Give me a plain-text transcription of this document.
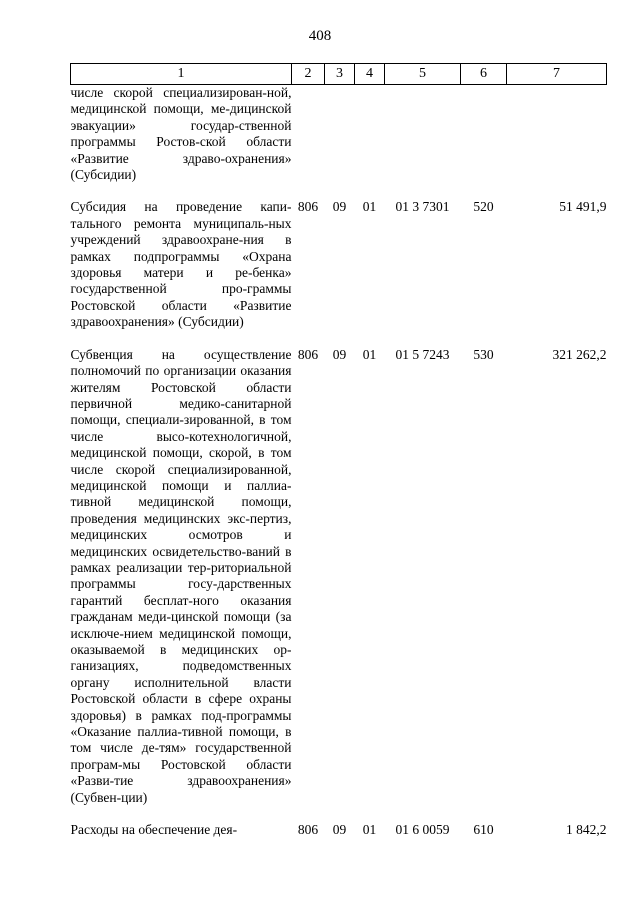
408
1	2	3	4	5	6	7
числе скорой специализирован-ной, медицинской помощи, ме-дицинской эвакуации» государ-ственной программы Ростов-ской области «Развитие здраво-охранения» (Субсидии)						
Субсидия на проведение капи-тального ремонта муниципаль-ных учреждений здравоохране-ния в рамках подпрограммы «Охрана здоровья матери и ре-бенка» государственной про-граммы Ростовской области «Развитие здравоохранения» (Субсидии)	806	09	01	01 3 7301	520	51 491,9
Субвенция на осуществление полномочий по организации оказания жителям Ростовской области первичной медико-санитарной помощи, специали-зированной, в том числе высо-котехнологичной, медицинской помощи, скорой, в том числе скорой специализированной, медицинской помощи и паллиа-тивной медицинской помощи, проведения медицинских экс-пертиз, медицинских осмотров и медицинских освидетельство-ваний в рамках реализации тер-риториальной программы госу-дарственных гарантий бесплат-ного оказания гражданам меди-цинской помощи (за исключе-нием медицинской помощи, оказываемой в медицинских ор-ганизациях, подведомственных органу исполнительной власти Ростовской области в сфере охраны здоровья) в рамках под-программы «Оказание паллиа-тивной помощи, в том числе де-тям» государственной програм-мы Ростовской области «Разви-тие здравоохранения» (Субвен-ции)	806	09	01	01 5 7243	530	321 262,2
Расходы на обеспечение дея-	806	09	01	01 6 0059	610	1 842,2
